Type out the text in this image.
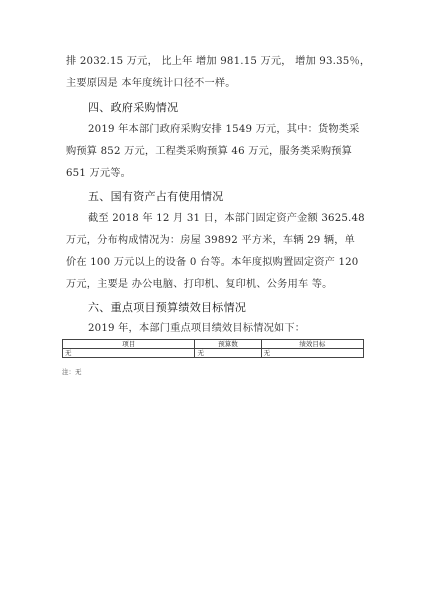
排 2032.15 万元， 比上年 增加 981.15 万元， 增加 93.35％，
主要原因是 本年度统计口径不一样。
四、政府采购情况
2019 年本部门政府采购安排 1549 万元，其中：货物类采
购预算 852 万元，工程类采购预算 46 万元，服务类采购预算
651 万元等。
五、国有资产占有使用情况
截至 2018 年 12 月 31 日，本部门固定资产金额 3625.48
万元，分布构成情况为：房屋 39892 平方米，车辆 29 辆，单
价在 100 万元以上的设备 0 台等。本年度拟购置固定资产 120
万元，主要是 办公电脑、打印机、复印机、公务用车 等。
六、重点项目预算绩效目标情况
2019 年，本部门重点项目绩效目标情况如下：
项目	预算数	绩效目标
无	无	无
注：无
